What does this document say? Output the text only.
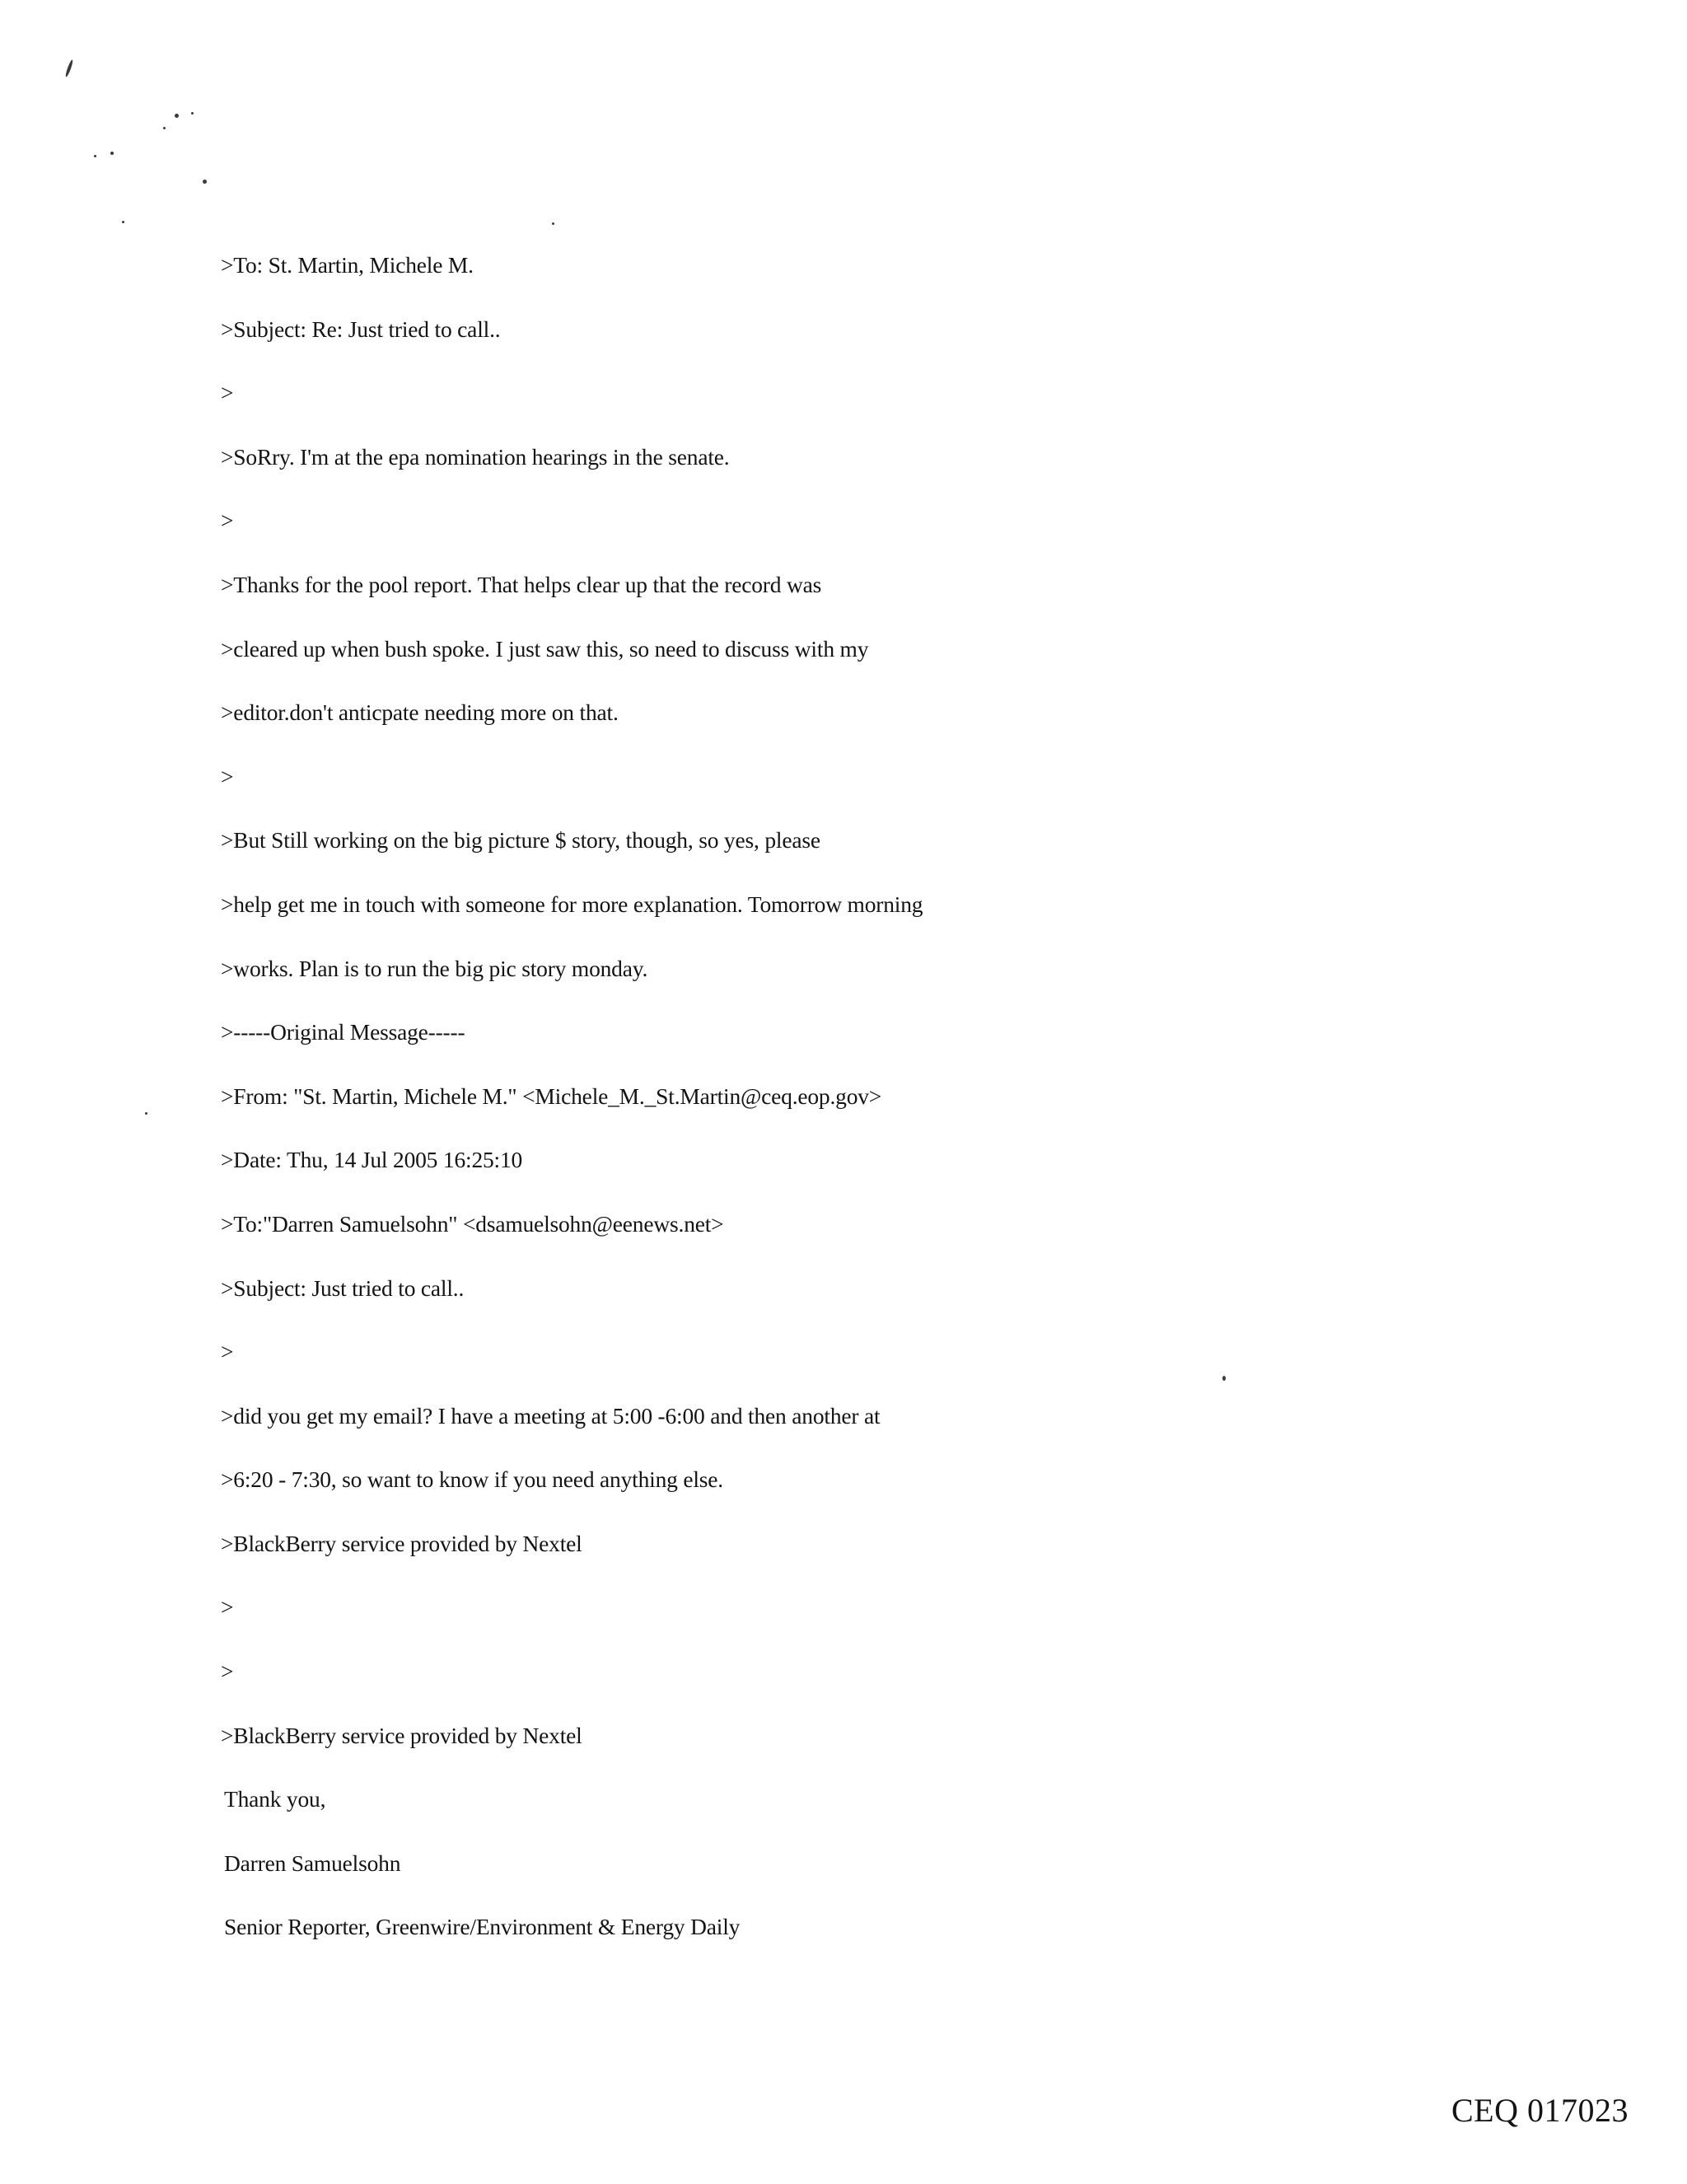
>To: St. Martin, Michele M.
>Subject: Re: Just tried to call..
>
>SoRry. I'm at the epa nomination hearings in the senate.
>
>Thanks for the pool report. That helps clear up that the record was
>cleared up when bush spoke. I just saw this, so need to discuss with my
>editor.don't anticpate needing more on that.
>
>But Still working on the big picture $ story, though, so yes, please
>help get me in touch with someone for more explanation. Tomorrow morning
>works. Plan is to run the big pic story monday.
>-----Original Message-----
>From: "St. Martin, Michele M." <Michele_M._St.Martin@ceq.eop.gov>
>Date: Thu, 14 Jul 2005 16:25:10
>To:"Darren Samuelsohn" <dsamuelsohn@eenews.net>
>Subject: Just tried to call..
>
>did you get my email? I have a meeting at 5:00 -6:00 and then another at
>6:20 - 7:30, so want to know if you need anything else.
>BlackBerry service provided by Nextel
>
>
>BlackBerry service provided by Nextel
Thank you,
Darren Samuelsohn
Senior Reporter, Greenwire/Environment & Energy Daily
CEQ 017023
